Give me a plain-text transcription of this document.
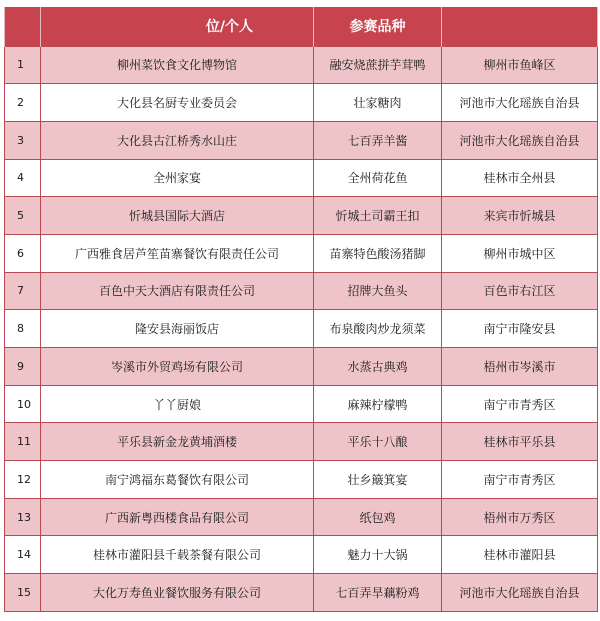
	位/个人	参赛品种	
1	柳州菜饮食文化博物馆	融安烧蔗拼芋茸鸭	柳州市鱼峰区
2	大化县名厨专业委员会	壮家糖肉	河池市大化瑶族自治县
3	大化县古江桥秀水山庄	七百弄羊酱	河池市大化瑶族自治县
4	全州家宴	全州荷花鱼	桂林市全州县
5	忻城县国际大酒店	忻城土司霸王扣	来宾市忻城县
6	广西雅食居芦笙苗寨餐饮有限责任公司	苗寨特色酸汤猪脚	柳州市城中区
7	百色中天大酒店有限责任公司	招牌大鱼头	百色市右江区
8	隆安县海丽饭店	布泉酸肉炒龙须菜	南宁市隆安县
9	岑溪市外贸鸡场有限公司	水蒸古典鸡	梧州市岑溪市
10	丫丫厨娘	麻辣柠檬鸭	南宁市青秀区
11	平乐县新金龙黄埔酒楼	平乐十八酿	桂林市平乐县
12	南宁鸿福东葛餐饮有限公司	壮乡簸箕宴	南宁市青秀区
13	广西新粤西楼食品有限公司	纸包鸡	梧州市万秀区
14	桂林市灌阳县千载茶餐有限公司	魅力十大锅	桂林市灌阳县
15	大化万寿鱼业餐饮服务有限公司	七百弄旱藕粉鸡	河池市大化瑶族自治县
